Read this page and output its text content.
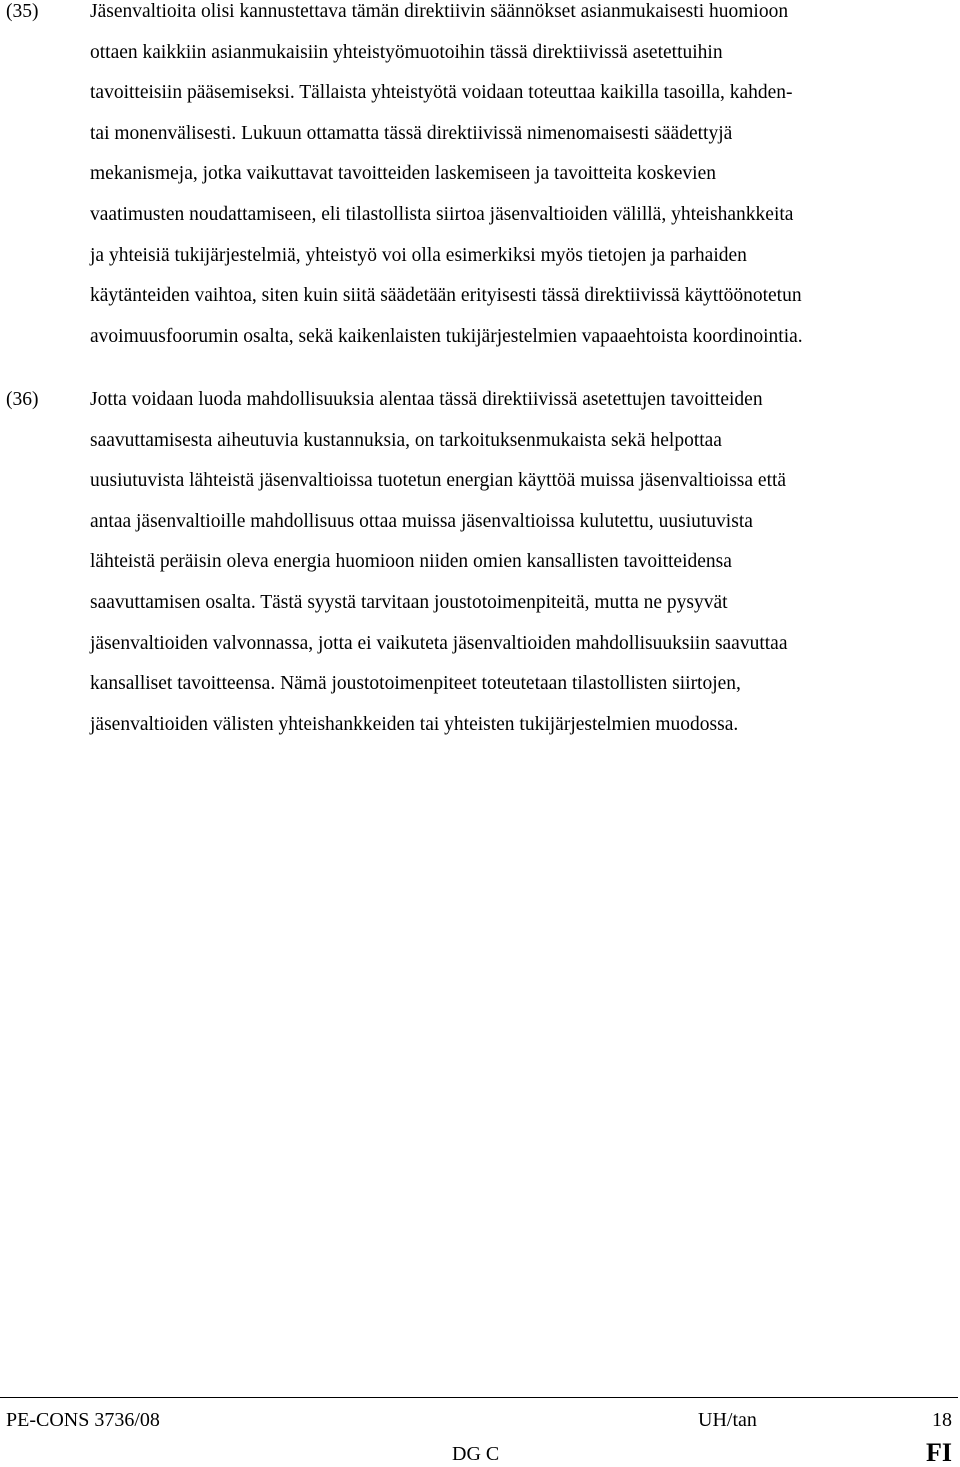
(35)	Jäsenvaltioita olisi kannustettava tämän direktiivin säännökset asianmukaisesti huomioon
ottaen kaikkiin asianmukaisiin yhteistyömuotoihin tässä direktiivissä asetettuihin
tavoitteisiin pääsemiseksi. Tällaista yhteistyötä voidaan toteuttaa kaikilla tasoilla, kahden-
tai monenvälisesti. Lukuun ottamatta tässä direktiivissä nimenomaisesti säädettyjä
mekanismeja, jotka vaikuttavat tavoitteiden laskemiseen ja tavoitteita koskevien
vaatimusten noudattamiseen, eli tilastollista siirtoa jäsenvaltioiden välillä, yhteishankkeita
ja yhteisiä tukijärjestelmiä, yhteistyö voi olla esimerkiksi myös tietojen ja parhaiden
käytänteiden vaihtoa, siten kuin siitä säädetään erityisesti tässä direktiivissä käyttöönotetun
avoimuusfoorumin osalta, sekä kaikenlaisten tukijärjestelmien vapaaehtoista koordinointia.
(36)	Jotta voidaan luoda mahdollisuuksia alentaa tässä direktiivissä asetettujen tavoitteiden
saavuttamisesta aiheutuvia kustannuksia, on tarkoituksenmukaista sekä helpottaa
uusiutuvista lähteistä jäsenvaltioissa tuotetun energian käyttöä muissa jäsenvaltioissa että
antaa jäsenvaltioille mahdollisuus ottaa muissa jäsenvaltioissa kulutettu, uusiutuvista
lähteistä peräisin oleva energia huomioon niiden omien kansallisten tavoitteidensa
saavuttamisen osalta. Tästä syystä tarvitaan joustotoimenpiteitä, mutta ne pysyvät
jäsenvaltioiden valvonnassa, jotta ei vaikuteta jäsenvaltioiden mahdollisuuksiin saavuttaa
kansalliset tavoitteensa. Nämä joustotoimenpiteet toteutetaan tilastollisten siirtojen,
jäsenvaltioiden välisten yhteishankkeiden tai yhteisten tukijärjestelmien muodossa.
PE-CONS 3736/08	UH/tan	18
DG C	FI
